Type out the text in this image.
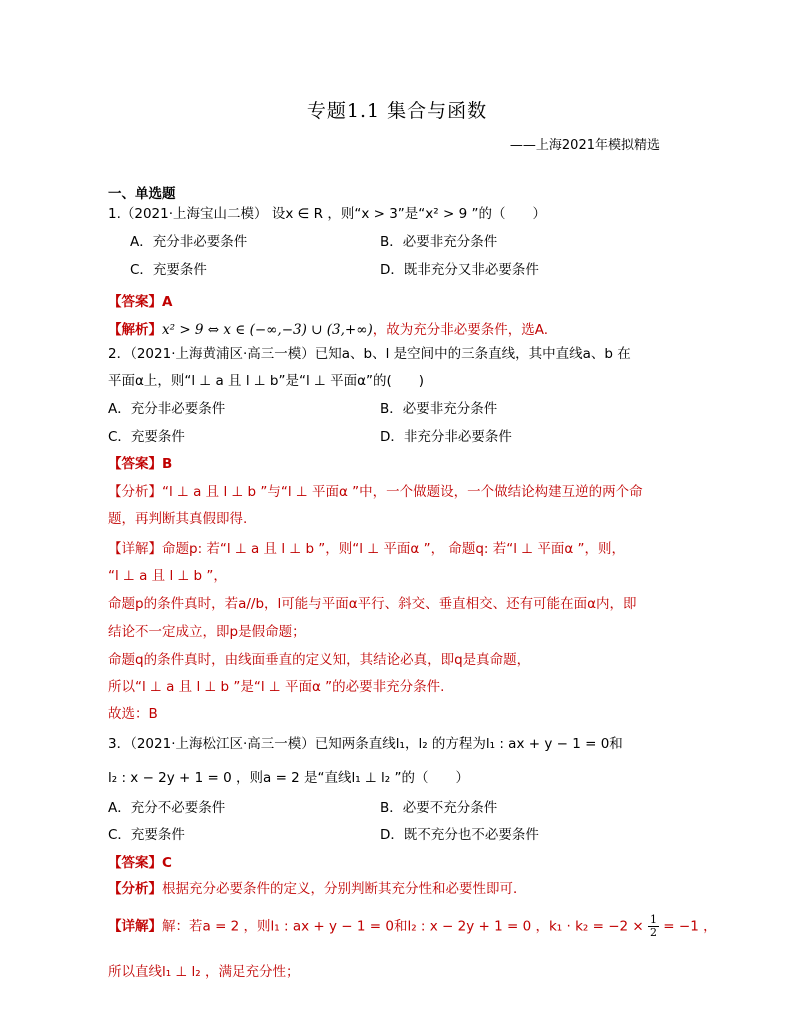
专题1.1 集合与函数
——上海2021年模拟精选
一、单选题
1.（2021·上海宝山二模） 设x ∈ R ，则“x > 3”是“x² > 9 ”的（　　）
A．充分非必要条件	B．必要非充分条件
C．充要条件	D．既非充分又非必要条件
【答案】A
【解析】x² > 9 ⇔ x ∈ (−∞,−3) ∪ (3,+∞)，故为充分非必要条件，选A.
2．（2021·上海黄浦区·高三一模）已知a、b、l 是空间中的三条直线，其中直线a、b 在
平面α上，则“l ⊥ a 且 l ⊥ b”是“l ⊥ 平面α”的(　　)
A．充分非必要条件	B．必要非充分条件
C．充要条件	D．非充分非必要条件
【答案】B
【分析】“l ⊥ a 且 l ⊥ b ”与“l ⊥ 平面α ”中，一个做题设，一个做结论构建互逆的两个命
题，再判断其真假即得.
【详解】命题p: 若“l ⊥ a 且 l ⊥ b ”，则“l ⊥ 平面α ”， 命题q: 若“l ⊥ 平面α ”，则，
“l ⊥ a 且 l ⊥ b ”，
命题p的条件真时，若a//b，l可能与平面α平行、斜交、垂直相交、还有可能在面α内，即
结论不一定成立，即p是假命题；
命题q的条件真时，由线面垂直的定义知，其结论必真，即q是真命题，
所以“l ⊥ a 且 l ⊥ b ”是“l ⊥ 平面α ”的必要非充分条件.
故选：B
3．（2021·上海松江区·高三一模）已知两条直线l₁，l₂ 的方程为l₁ : ax + y − 1 = 0和
l₂ : x − 2y + 1 = 0 ，则a = 2 是“直线l₁ ⊥ l₂ ”的（　　）
A．充分不必要条件	B．必要不充分条件
C．充要条件	D．既不充分也不必要条件
【答案】C
【分析】根据充分必要条件的定义，分别判断其充分性和必要性即可．
【详解】解：若a = 2 ，则l₁ : ax + y − 1 = 0和l₂ : x − 2y + 1 = 0 ，$k_1 \cdot k_2 = -2 \times \frac{1}{2} = -1$ ，
所以直线l₁ ⊥ l₂ ，满足充分性；
